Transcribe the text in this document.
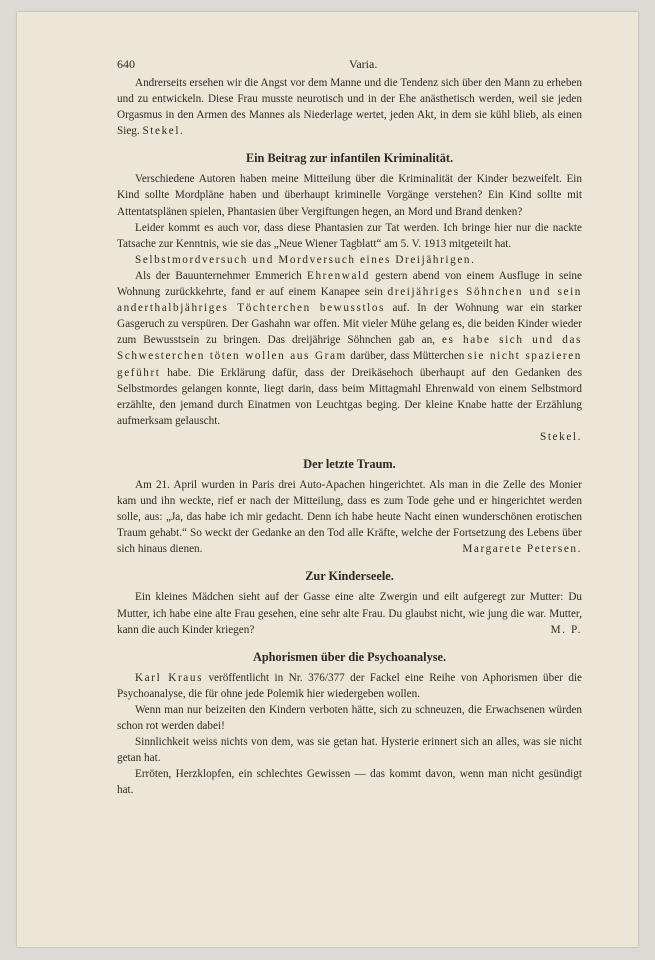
640	Varia.

Andrerseits ersehen wir die Angst vor dem Manne und die Tendenz sich über den Mann zu erheben und zu entwickeln. Diese Frau musste neurotisch und in der Ehe anästhetisch werden, weil sie jeden Orgasmus in den Armen des Mannes als Niederlage wertet, jeden Akt, in dem sie kühl blieb, als einen Sieg. Stekel.

Ein Beitrag zur infantilen Kriminalität.

Verschiedene Autoren haben meine Mitteilung über die Kriminalität der Kinder bezweifelt. Ein Kind sollte Mordpläne haben und überhaupt kriminelle Vorgänge verstehen? Ein Kind sollte mit Attentatsplänen spielen, Phantasien über Vergiftungen hegen, an Mord und Brand denken?

Leider kommt es auch vor, dass diese Phantasien zur Tat werden. Ich bringe hier nur die nackte Tatsache zur Kenntnis, wie sie das „Neue Wiener Tagblatt“ am 5. V. 1913 mitgeteilt hat.

Selbstmordversuch und Mordversuch eines Dreijährigen.

Als der Bauunternehmer Emmerich Ehrenwald gestern abend von einem Ausfluge in seine Wohnung zurückkehrte, fand er auf einem Kanapee sein dreijähriges Söhnchen und sein anderthalbjähriges Töchterchen bewusstlos auf. In der Wohnung war ein starker Gasgeruch zu verspüren. Der Gashahn war offen. Mit vieler Mühe gelang es, die beiden Kinder wieder zum Bewusstsein zu bringen. Das dreijährige Söhnchen gab an, es habe sich und das Schwesterchen töten wollen aus Gram darüber, dass Mütterchen sie nicht spazieren geführt habe. Die Erklärung dafür, dass der Dreikäsehoch überhaupt auf den Gedanken des Selbstmordes gelangen konnte, liegt darin, dass beim Mittagmahl Ehrenwald von einem Selbstmord erzählte, den jemand durch Einatmen von Leuchtgas beging. Der kleine Knabe hatte der Erzählung aufmerksam gelauscht.

Stekel.

Der letzte Traum.

Am 21. April wurden in Paris drei Auto-Apachen hingerichtet. Als man in die Zelle des Monier kam und ihn weckte, rief er nach der Mitteilung, dass es zum Tode gehe und er hingerichtet werden solle, aus: „Ja, das habe ich mir gedacht. Denn ich habe heute Nacht einen wunderschönen erotischen Traum gehabt.“ So weckt der Gedanke an den Tod alle Kräfte, welche der Fortsetzung des Lebens über sich hinaus dienen.	Margarete Petersen.

Zur Kinderseele.

Ein kleines Mädchen sieht auf der Gasse eine alte Zwergin und eilt aufgeregt zur Mutter: Du Mutter, ich habe eine alte Frau gesehen, eine sehr alte Frau. Du glaubst nicht, wie jung die war. Mutter, kann die auch Kinder kriegen?	M. P.

Aphorismen über die Psychoanalyse.

Karl Kraus veröffentlicht in Nr. 376/377 der Fackel eine Reihe von Aphorismen über die Psychoanalyse, die für ohne jede Polemik hier wiedergeben wollen.

Wenn man nur beizeiten den Kindern verboten hätte, sich zu schneuzen, die Erwachsenen würden schon rot werden dabei!

Sinnlichkeit weiss nichts von dem, was sie getan hat. Hysterie erinnert sich an alles, was sie nicht getan hat.

Erröten, Herzklopfen, ein schlechtes Gewissen — das kommt davon, wenn man nicht gesündigt hat.
